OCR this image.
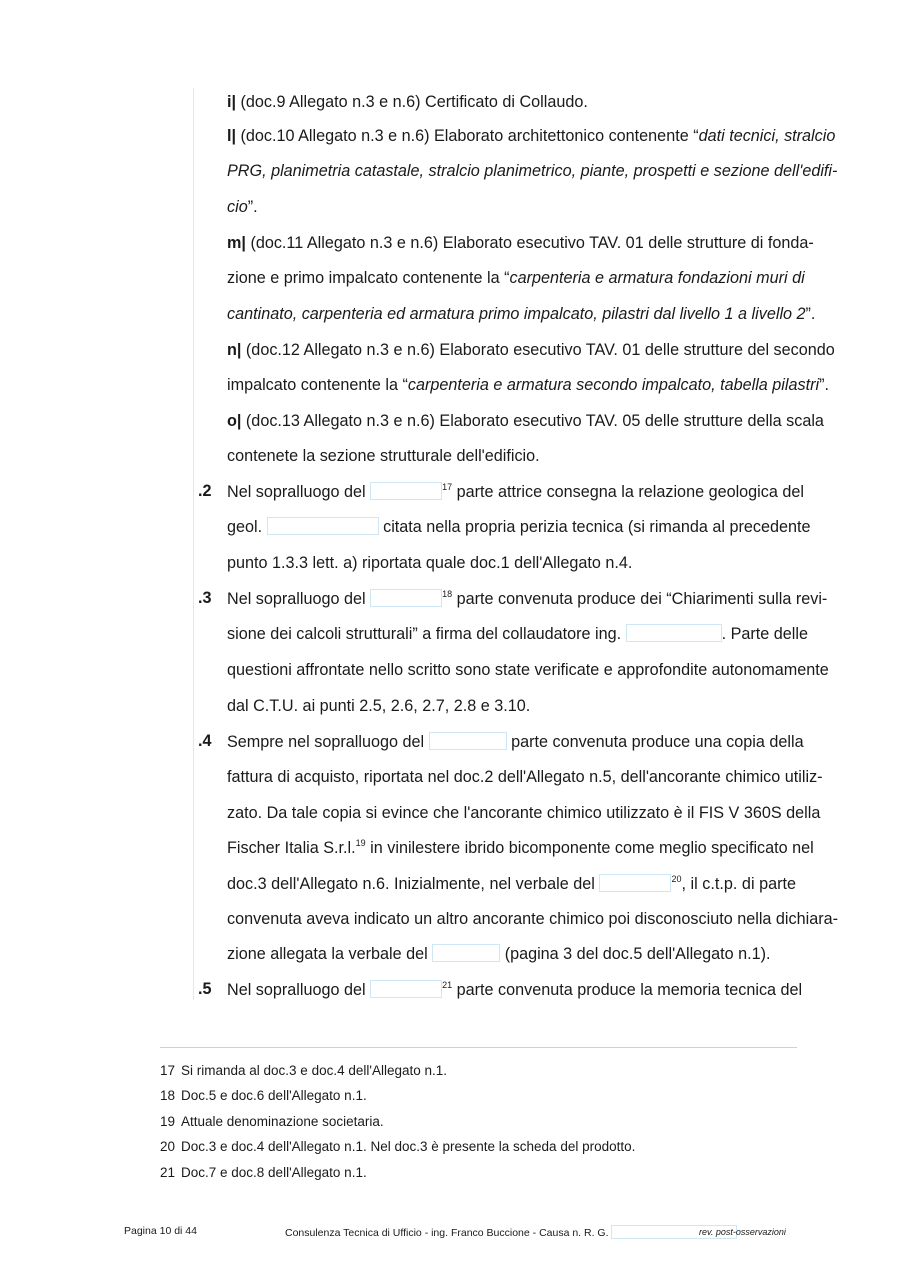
i| (doc.9 Allegato n.3 e n.6) Certificato di Collaudo.
l| (doc.10 Allegato n.3 e n.6) Elaborato architettonico contenente “dati tecnici, stralcio
PRG, planimetria catastale, stralcio planimetrico, piante, prospetti e sezione dell'edifi-
cio”.
m| (doc.11 Allegato n.3 e n.6) Elaborato esecutivo TAV. 01 delle strutture di fonda-
zione e primo impalcato contenente la “carpenteria e armatura fondazioni muri di
cantinato, carpenteria ed armatura primo impalcato, pilastri dal livello 1 a livello 2”.
n| (doc.12 Allegato n.3 e n.6) Elaborato esecutivo TAV. 01 delle strutture del secondo
impalcato contenente la “carpenteria e armatura secondo impalcato, tabella pilastri”.
o| (doc.13 Allegato n.3 e n.6) Elaborato esecutivo TAV. 05 delle strutture della scala
contenete la sezione strutturale dell'edificio.
.2 Nel sopralluogo del	$^{17}$ parte attrice consegna la relazione geologica del
geol.	citata nella propria perizia tecnica (si rimanda al precedente
punto 1.3.3 lett. a) riportata quale doc.1 dell'Allegato n.4.
.3 Nel sopralluogo del	$^{18}$ parte convenuta produce dei “Chiarimenti sulla revi-
sione dei calcoli strutturali” a firma del collaudatore ing.	. Parte delle
questioni affrontate nello scritto sono state verificate e approfondite autonomamente
dal C.T.U. ai punti 2.5, 2.6, 2.7, 2.8 e 3.10.
.4 Sempre nel sopralluogo del	parte convenuta produce una copia della
fattura di acquisto, riportata nel doc.2 dell'Allegato n.5, dell'ancorante chimico utiliz-
zato. Da tale copia si evince che l'ancorante chimico utilizzato è il FIS V 360S della
Fischer Italia S.r.l.$^{19}$ in vinilestere ibrido bicomponente come meglio specificato nel
doc.3 dell'Allegato n.6. Inizialmente, nel verbale del	$^{20}$, il c.t.p. di parte
convenuta aveva indicato un altro ancorante chimico poi disconosciuto nella dichiara-
zione allegata la verbale del	(pagina 3 del doc.5 dell'Allegato n.1).
.5 Nel sopralluogo del	$^{21}$ parte convenuta produce la memoria tecnica del
17 Si rimanda al doc.3 e doc.4 dell'Allegato n.1.
18 Doc.5 e doc.6 dell'Allegato n.1.
19 Attuale denominazione societaria.
20 Doc.3 e doc.4 dell'Allegato n.1. Nel doc.3 è presente la scheda del prodotto.
21 Doc.7 e doc.8 dell'Allegato n.1.
Pagina 10 di 44	Consulenza Tecnica di Ufficio - ing. Franco Buccione - Causa n. R. G.	rev. post-osservazioni
